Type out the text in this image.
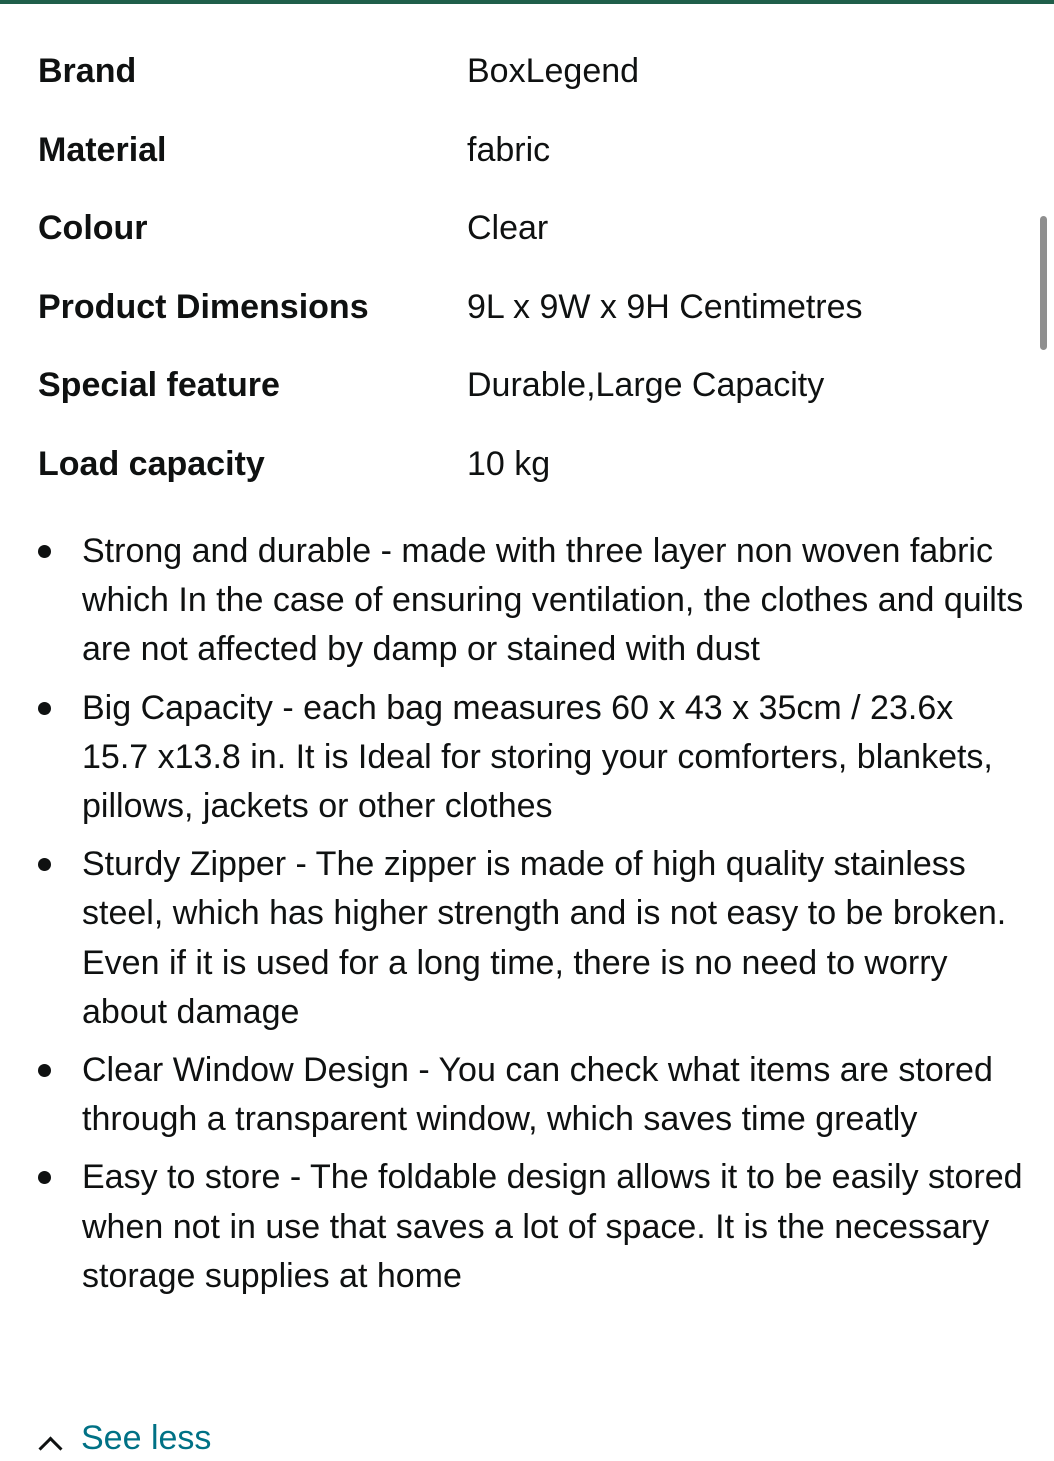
Brand	BoxLegend
Material	fabric
Colour	Clear
Product Dimensions	9L x 9W x 9H Centimetres
Special feature	Durable,Large Capacity
Load capacity	10 kg
Strong and durable - made with three layer non woven fabric which In the case of ensuring ventilation, the clothes and quilts are not affected by damp or stained with dust
Big Capacity - each bag measures 60 x 43 x 35cm / 23.6x 15.7 x13.8 in. It is Ideal for storing your comforters, blankets, pillows, jackets or other clothes
Sturdy Zipper - The zipper is made of high quality stainless steel, which has higher strength and is not easy to be broken. Even if it is used for a long time, there is no need to worry about damage
Clear Window Design - You can check what items are stored through a transparent window, which saves time greatly
Easy to store - The foldable design allows it to be easily stored when not in use that saves a lot of space. It is the necessary storage supplies at home
See less
